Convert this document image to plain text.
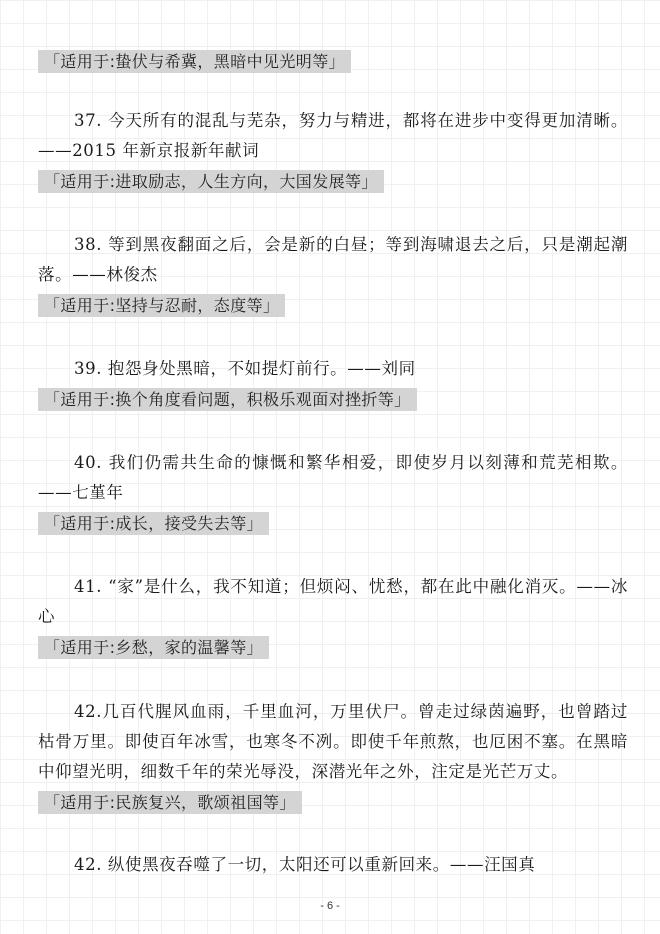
「适用于:蛰伏与希冀，黑暗中见光明等」

37. 今天所有的混乱与芜杂，努力与精进，都将在进步中变得更加清晰。——2015 年新京报新年献词

「适用于:进取励志，人生方向，大国发展等」

38. 等到黑夜翻面之后，会是新的白昼；等到海啸退去之后，只是潮起潮落。——林俊杰

「适用于:坚持与忍耐，态度等」

39. 抱怨身处黑暗，不如提灯前行。——刘同

「适用于:换个角度看问题，积极乐观面对挫折等」

40. 我们仍需共生命的慷慨和繁华相爱，即使岁月以刻薄和荒芜相欺。——七堇年

「适用于:成长，接受失去等」

41. “家”是什么，我不知道；但烦闷、忧愁，都在此中融化消灭。——冰心

「适用于:乡愁，家的温馨等」

42.几百代腥风血雨，千里血河，万里伏尸。曾走过绿茵遍野，也曾踏过枯骨万里。即使百年冰雪，也寒冬不冽。即使千年煎熬，也厄困不塞。在黑暗中仰望光明，细数千年的荣光辱没，深潜光年之外，注定是光芒万丈。

「适用于:民族复兴，歌颂祖国等」

42. 纵使黑夜吞噬了一切，太阳还可以重新回来。——汪国真

- 6 -
